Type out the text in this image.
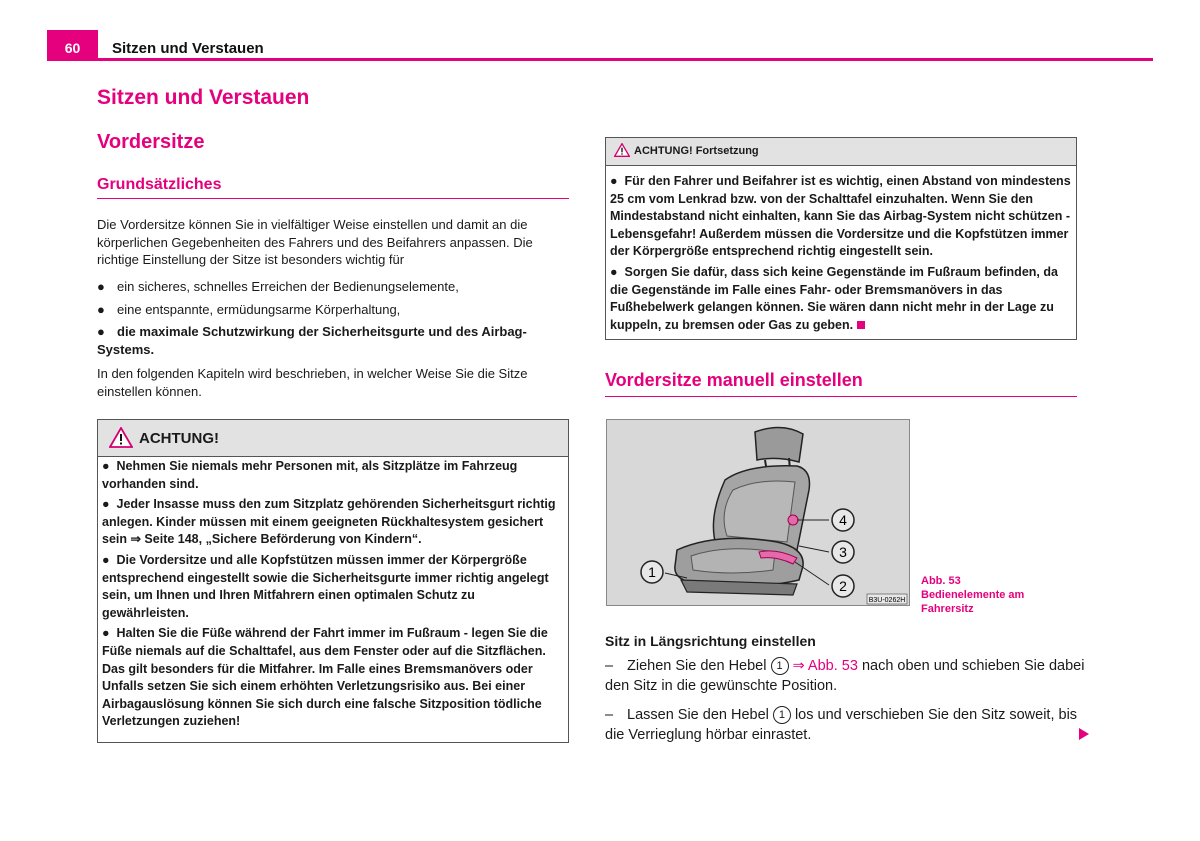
60	Sitzen und Verstauen
Sitzen und Verstauen
Vordersitze
Grundsätzliches
Die Vordersitze können Sie in vielfältiger Weise einstellen und damit an die körperlichen Gegebenheiten des Fahrers und des Beifahrers anpassen. Die richtige Einstellung der Sitze ist besonders wichtig für
● ein sicheres, schnelles Erreichen der Bedienungselemente,
● eine entspannte, ermüdungsarme Körperhaltung,
● die maximale Schutzwirkung der Sicherheitsgurte und des Airbag-Systems.
In den folgenden Kapiteln wird beschrieben, in welcher Weise Sie die Sitze einstellen können.
ACHTUNG!
●  Nehmen Sie niemals mehr Personen mit, als Sitzplätze im Fahrzeug vorhanden sind.
●  Jeder Insasse muss den zum Sitzplatz gehörenden Sicherheitsgurt richtig anlegen. Kinder müssen mit einem geeigneten Rückhaltesystem gesichert sein ⇒ Seite 148, „Sichere Beförderung von Kindern“.
●  Die Vordersitze und alle Kopfstützen müssen immer der Körpergröße entsprechend eingestellt sowie die Sicherheitsgurte immer richtig angelegt sein, um Ihnen und Ihren Mitfahrern einen optimalen Schutz zu gewährleisten.
●  Halten Sie die Füße während der Fahrt immer im Fußraum - legen Sie die Füße niemals auf die Schalttafel, aus dem Fenster oder auf die Sitzflächen. Das gilt besonders für die Mitfahrer. Im Falle eines Bremsmanövers oder Unfalls setzen Sie sich einem erhöhten Verletzungsrisiko aus. Bei einer Airbagauslösung können Sie sich durch eine falsche Sitzposition tödliche Verletzungen zuziehen!
ACHTUNG! Fortsetzung
●  Für den Fahrer und Beifahrer ist es wichtig, einen Abstand von mindestens 25 cm vom Lenkrad bzw. von der Schalttafel einzuhalten. Wenn Sie den Mindestabstand nicht einhalten, kann Sie das Airbag-System nicht schützen - Lebensgefahr! Außerdem müssen die Vordersitze und die Kopfstützen immer der Körpergröße entsprechend richtig eingestellt sein.
●  Sorgen Sie dafür, dass sich keine Gegenstände im Fußraum befinden, da die Gegenstände im Falle eines Fahr- oder Bremsmanövers in das Fußhebelwerk gelangen können. Sie wären dann nicht mehr in der Lage zu kuppeln, zu bremsen oder Gas zu geben.
Vordersitze manuell einstellen
4
3
2
1
B3U-0262H
Abb. 53 Bedienelemente am Fahrersitz
Sitz in Längsrichtung einstellen
– Ziehen Sie den Hebel 1 ⇒ Abb. 53 nach oben und schieben Sie dabei den Sitz in die gewünschte Position.
– Lassen Sie den Hebel 1 los und verschieben Sie den Sitz soweit, bis die Verrieglung hörbar einrastet.
